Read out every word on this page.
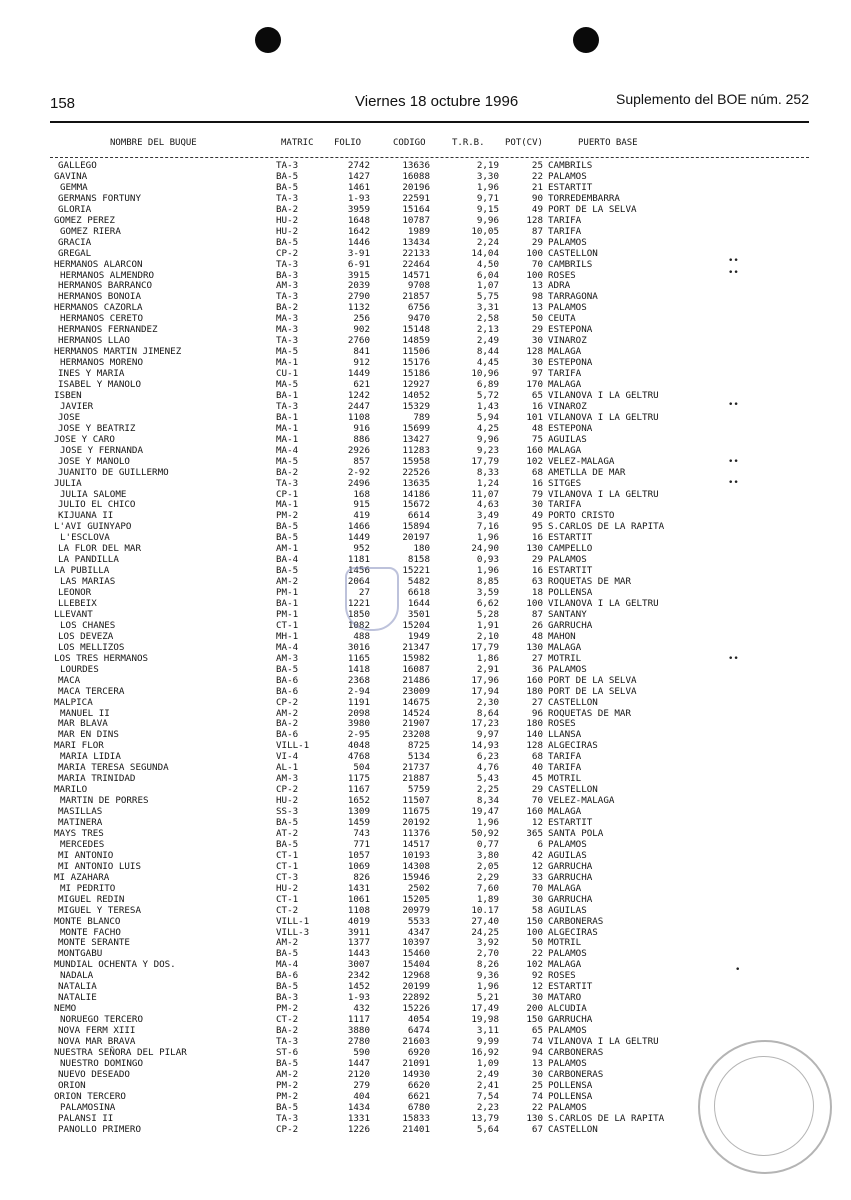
158	Viernes 18 octubre 1996	Suplemento del BOE núm. 252
NOMBRE DEL BUQUE	MATRIC FOLIO	CODIGO	T.R.B. POT(CV)	PUERTO BASE
GALLEGO	TA-3	2742	13636	2,19	25 CAMBRILS
GAVINA	BA-5	1427	16088	3,30	22 PALAMOS
GEMMA	BA-5	1461	20196	1,96	21 ESTARTIT
GERMANS FORTUNY	TA-3	1-93	22591	9,71	90 TORREDEMBARRA
GLORIA	BA-2	3959	15164	9,15	49 PORT DE LA SELVA
GOMEZ PEREZ	HU-2	1648	10787	9,96	128 TARIFA
GOMEZ RIERA	HU-2	1642	1989	10,05	87 TARIFA
GRACIA	BA-5	1446	13434	2,24	29 PALAMOS
GREGAL	CP-2	3-91	22133	14,04	100 CASTELLON
HERMANOS ALARCON	TA-3	6-91	22464	4,50	70 CAMBRILS
HERMANOS ALMENDRO	BA-3	3915	14571	6,04	100 ROSES
HERMANOS BARRANCO	AM-3	2039	9708	1,07	13 ADRA
HERMANOS BONOIA	TA-3	2790	21857	5,75	98 TARRAGONA
HERMANOS CAZORLA	BA-2	1132	6756	3,31	13 PALAMOS
HERMANOS CERETO	MA-3	256	9470	2,58	50 CEUTA
HERMANOS FERNANDEZ	MA-3	902	15148	2,13	29 ESTEPONA
HERMANOS LLAO	TA-3	2760	14859	2,49	30 VINAROZ
HERMANOS MARTIN JIMENEZ	MA-5	841	11506	8,44	128 MALAGA
HERMANOS MORENO	MA-1	912	15176	4,45	30 ESTEPONA
INES Y MARIA	CU-1	1449	15186	10,96	97 TARIFA
ISABEL Y MANOLO	MA-5	621	12927	6,89	170 MALAGA
ISBEN	BA-1	1242	14052	5,72	65 VILANOVA I LA GELTRU
JAVIER	TA-3	2447	15329	1,43	16 VINAROZ
JOSE	BA-1	1108	789	5,94	101 VILANOVA I LA GELTRU
JOSE Y BEATRIZ	MA-1	916	15699	4,25	48 ESTEPONA
JOSE Y CARO	MA-1	886	13427	9,96	75 AGUILAS
JOSE Y FERNANDA	MA-4	2926	11283	9,23	160 MALAGA
JOSE Y MANOLO	MA-5	857	15958	17,79	102 VELEZ-MALAGA
JUANITO DE GUILLERMO	BA-2	2-92	22526	8,33	68 AMETLLA DE MAR
JULIA	TA-3	2496	13635	1,24	16 SITGES
JULIA SALOME	CP-1	168	14186	11,07	79 VILANOVA I LA GELTRU
JULIO EL CHICO	MA-1	915	15672	4,63	30 TARIFA
KIJUANA II	PM-2	419	6614	3,49	49 PORTO CRISTO
L'AVI GUINYAPO	BA-5	1466	15894	7,16	95 S.CARLOS DE LA RAPITA
L'ESCLOVA	BA-5	1449	20197	1,96	16 ESTARTIT
LA FLOR DEL MAR	AM-1	952	180	24,90	130 CAMPELLO
LA PANDILLA	BA-4	1181	8158	0,93	29 PALAMOS
LA PUBILLA	BA-5	1456	15221	1,96	16 ESTARTIT
LAS MARIAS	AM-2	2064	5482	8,85	63 ROQUETAS DE MAR
LEONOR	PM-1	27	6618	3,59	18 POLLENSA
LLEBEIX	BA-1	1221	1644	6,62	100 VILANOVA I LA GELTRU
LLEVANT	PM-1	1850	3501	5,28	87 SANTANY
LOS CHANES	CT-1	1082	15204	1,91	26 GARRUCHA
LOS DEVEZA	MH-1	488	1949	2,10	48 MAHON
LOS MELLIZOS	MA-4	3016	21347	17,79	130 MALAGA
LOS TRES HERMANOS	AM-3	1165	15982	1,86	27 MOTRIL
LOURDES	BA-5	1418	16087	2,91	36 PALAMOS
MACA	BA-6	2368	21486	17,96	160 PORT DE LA SELVA
MACA TERCERA	BA-6	2-94	23009	17,94	180 PORT DE LA SELVA
MALPICA	CP-2	1191	14675	2,30	27 CASTELLON
MANUEL II	AM-2	2098	14524	8,64	96 ROQUETAS DE MAR
MAR BLAVA	BA-2	3980	21907	17,23	180 ROSES
MAR EN DINS	BA-6	2-95	23208	9,97	140 LLANSA
MARI FLOR	VILL-1	4048	8725	14,93	128 ALGECIRAS
MARIA LIDIA	VI-4	4768	5134	6,23	68 TARIFA
MARIA TERESA SEGUNDA	AL-1	504	21737	4,76	40 TARIFA
MARIA TRINIDAD	AM-3	1175	21887	5,43	45 MOTRIL
MARILO	CP-2	1167	5759	2,25	29 CASTELLON
MARTIN DE PORRES	HU-2	1652	11507	8,34	70 VELEZ-MALAGA
MASILLAS	SS-3	1309	11675	19,47	160 MALAGA
MATINERA	BA-5	1459	20192	1,96	12 ESTARTIT
MAYS TRES	AT-2	743	11376	50,92	365 SANTA POLA
MERCEDES	BA-5	771	14517	0,77	6 PALAMOS
MI ANTONIO	CT-1	1057	10193	3,80	42 AGUILAS
MI ANTONIO LUIS	CT-1	1069	14308	2,05	12 GARRUCHA
MI AZAHARA	CT-3	826	15946	2,29	33 GARRUCHA
MI PEDRITO	HU-2	1431	2502	7,60	70 MALAGA
MIGUEL REDIN	CT-1	1061	15205	1,89	30 GARRUCHA
MIGUEL Y TERESA	CT-2	1108	20979	10.17	58 AGUILAS
MONTE BLANCO	VILL-1	4019	5533	27,40	150 CARBONERAS
MONTE FACHO	VILL-3	3911	4347	24,25	100 ALGECIRAS
MONTE SERANTE	AM-2	1377	10397	3,92	50 MOTRIL
MONTGABU	BA-5	1443	15460	2,70	22 PALAMOS
MUNDIAL OCHENTA Y DOS.	MA-4	3007	15404	8,26	102 MALAGA
NADALA	BA-6	2342	12968	9,36	92 ROSES
NATALIA	BA-5	1452	20199	1,96	12 ESTARTIT
NATALIE	BA-3	1-93	22892	5,21	30 MATARO
NEMO	PM-2	432	15226	17,49	200 ALCUDIA
NORUEGO TERCERO	CT-2	1117	4054	19,98	150 GARRUCHA
NOVA FERM XIII	BA-2	3880	6474	3,11	65 PALAMOS
NOVA MAR BRAVA	TA-3	2780	21603	9,99	74 VILANOVA I LA GELTRU
NUESTRA SEÑORA DEL PILAR	ST-6	590	6920	16,92	94 CARBONERAS
NUESTRO DOMINGO	BA-5	1447	21091	1,09	13 PALAMOS
NUEVO DESEADO	AM-2	2120	14930	2,49	30 CARBONERAS
ORION	PM-2	279	6620	2,41	25 POLLENSA
ORION TERCERO	PM-2	404	6621	7,54	74 POLLENSA
PALAMOSINA	BA-5	1434	6780	2,23	22 PALAMOS
PALANSI II	TA-3	1331	15833	13,79	130 S.CARLOS DE LA RAPITA
PANOLLO PRIMERO	CP-2	1226	21401	5,64	67 CASTELLON
••
••
••
••
••
••
•
